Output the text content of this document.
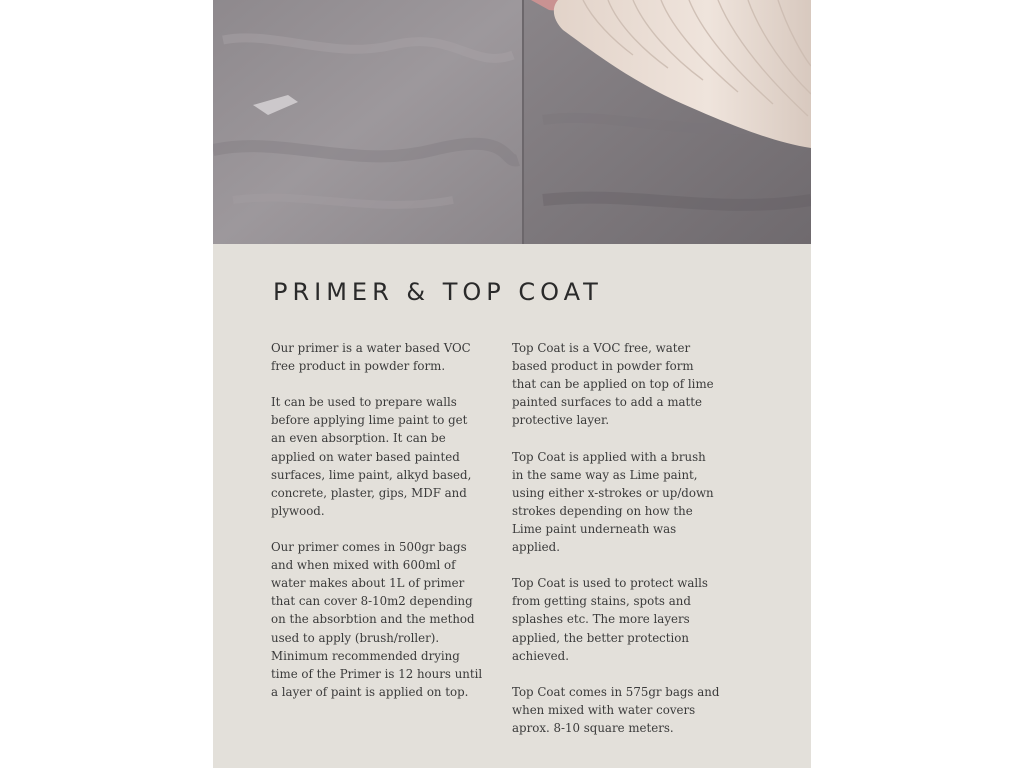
PRIMER & TOP COAT

Our primer is a water based VOC
free product in powder form.

It can be used to prepare walls
before applying lime paint to get
an even absorption. It can be
applied on water based painted
surfaces, lime paint, alkyd based,
concrete, plaster, gips, MDF and
plywood.

Our primer comes in 500gr bags
and when mixed with 600ml of
water makes about 1L of primer
that can cover 8-10m2 depending
on the absorbtion and the method
used to apply (brush/roller).
Minimum recommended drying
time of the Primer is 12 hours until
a layer of paint is applied on top.

Top Coat is a VOC free, water
based product in powder form
that can be applied on top of lime
painted surfaces to add a matte
protective layer.

Top Coat is applied with a brush
in the same way as Lime paint,
using either x-strokes or up/down
strokes depending on how the
Lime paint underneath was
applied.

Top Coat is used to protect walls
from getting stains, spots and
splashes etc. The more layers
applied, the better protection
achieved.

Top Coat comes in 575gr bags and
when mixed with water covers
aprox. 8-10 square meters.
